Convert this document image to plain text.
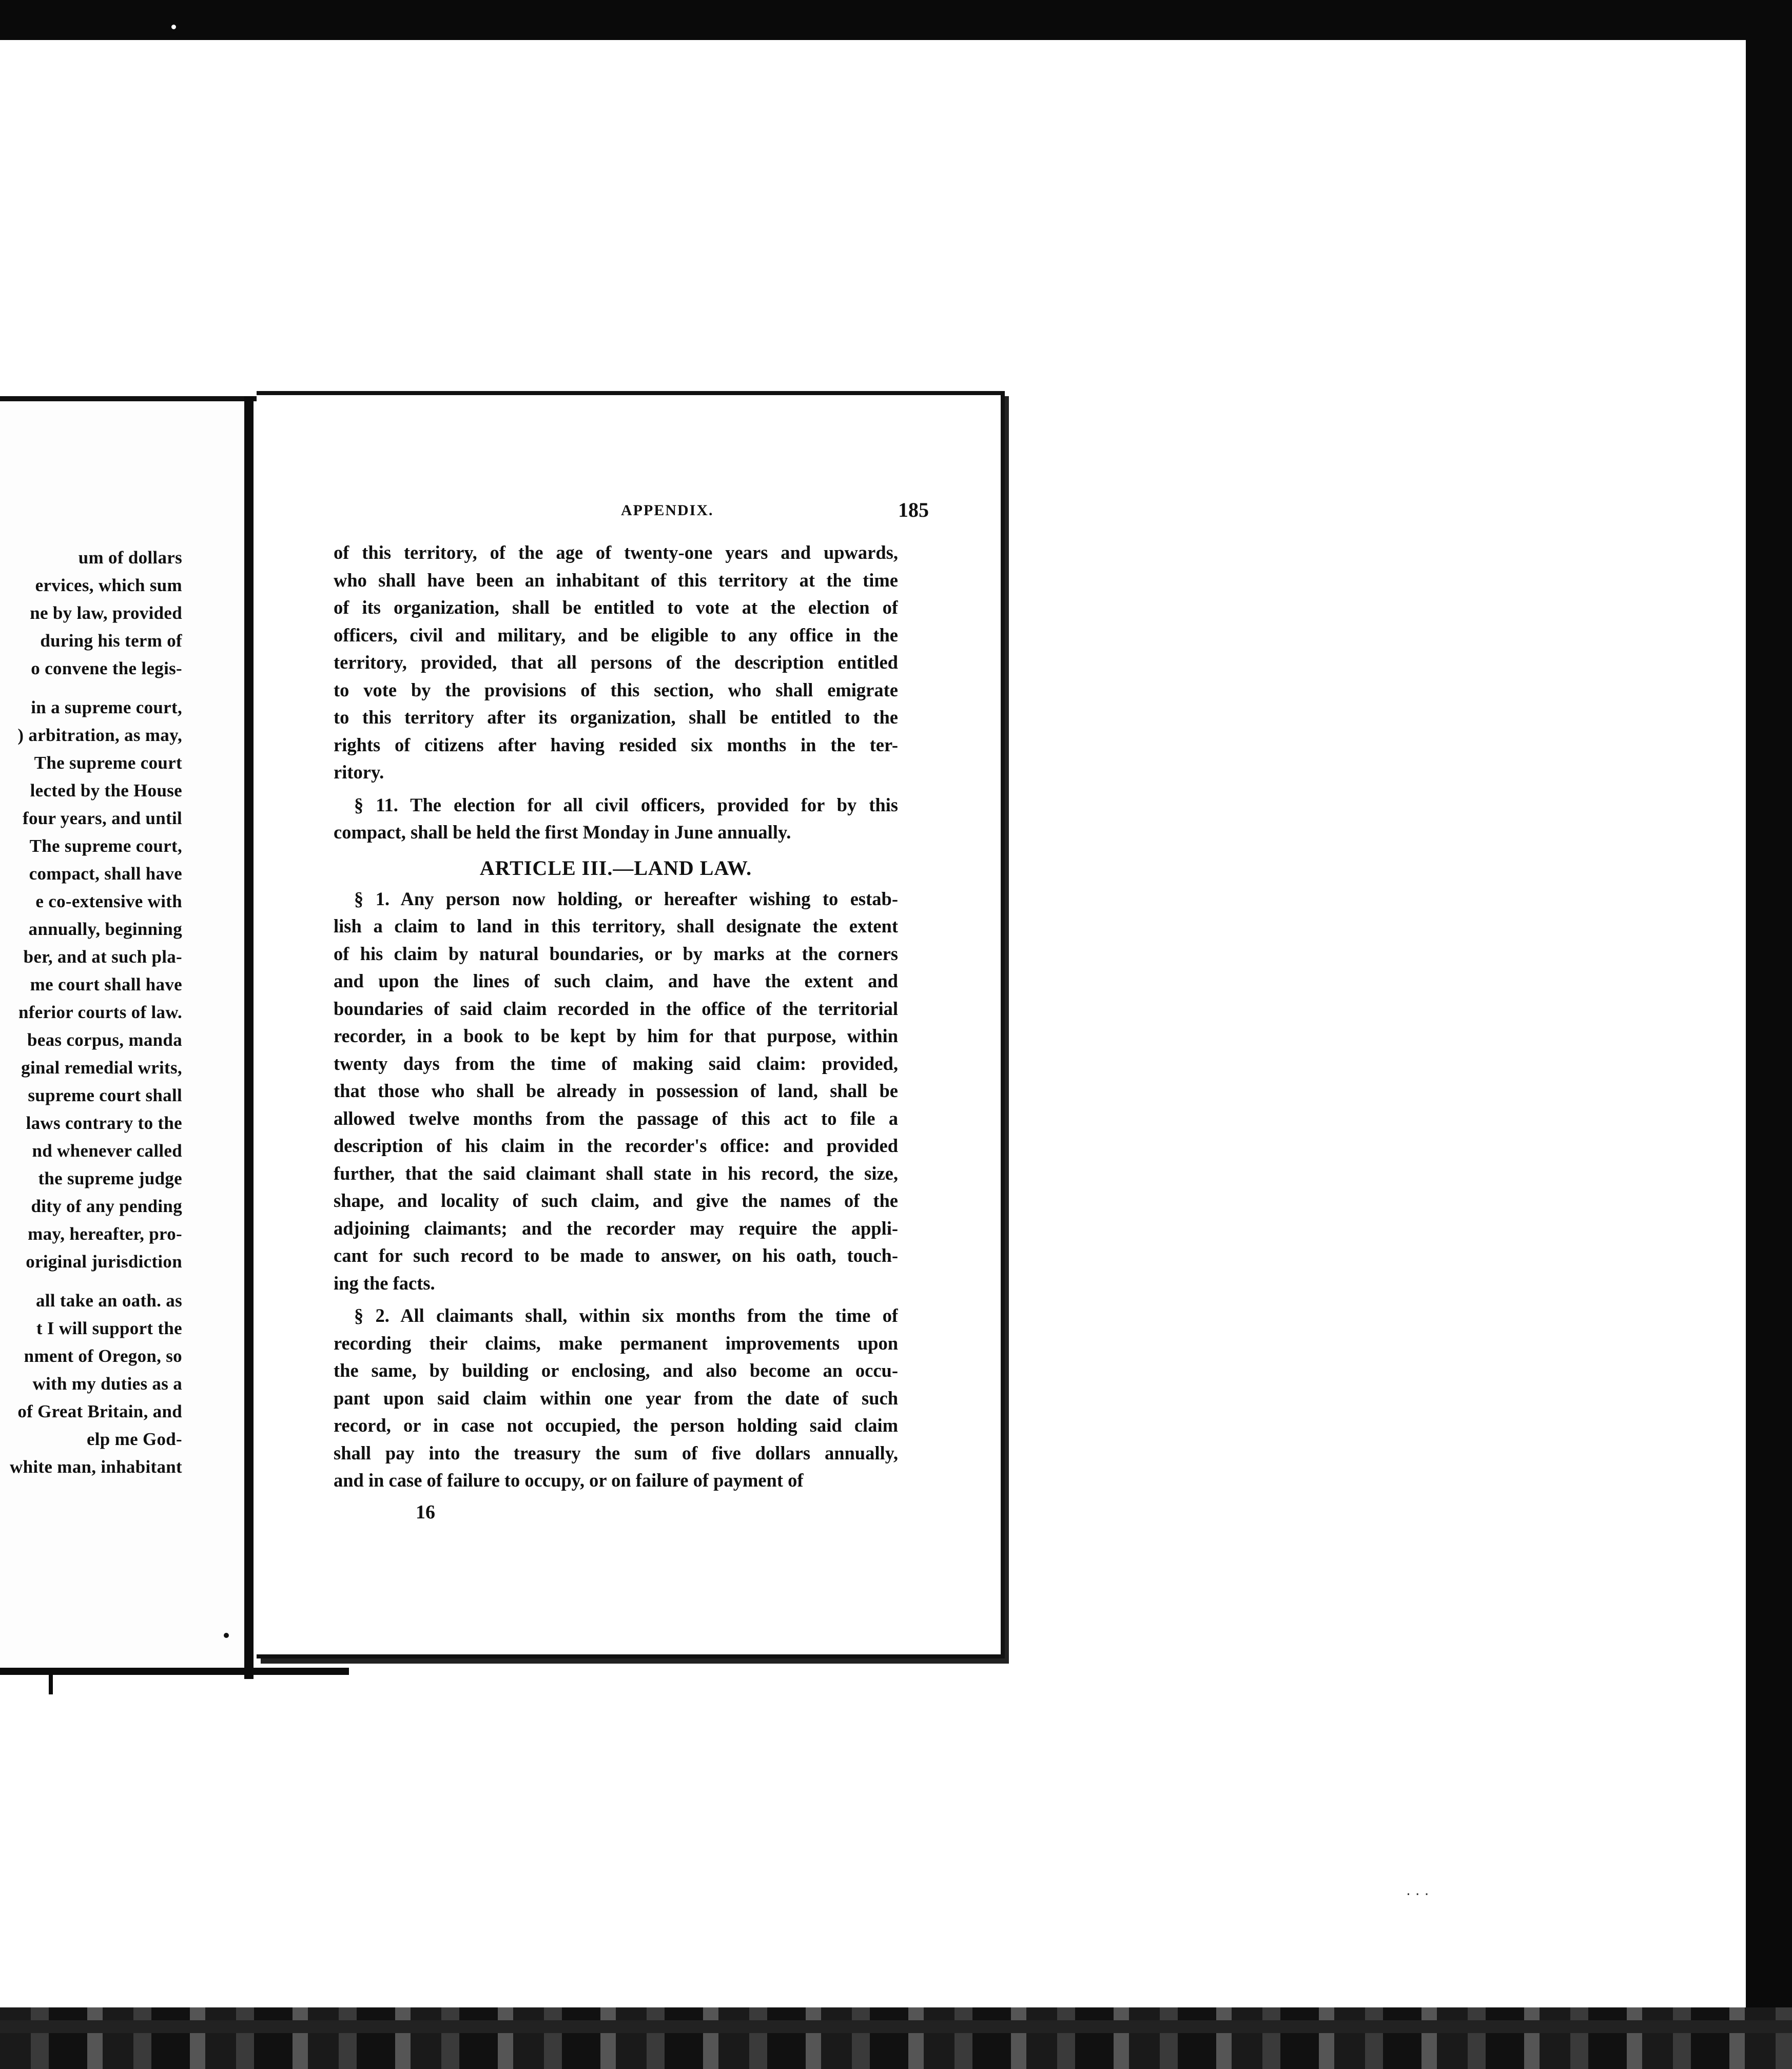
· · ·
um of dollars
ervices, which sum
ne by law, provided
during his term of
o convene the legis-
in a supreme court,
) arbitration, as may,
The supreme court
lected by the House
four years, and until
The supreme court,
compact, shall have
e co-extensive with
annually, beginning
ber, and at such pla-
me court shall have
nferior courts of law.
beas corpus, manda
ginal remedial writs,
supreme court shall
laws contrary to the
nd whenever called
the supreme judge
dity of any pending
may, hereafter, pro-
original jurisdiction
all take an oath. as
t I will support the
nment of Oregon, so
with my duties as a
of Great Britain, and
elp me God-
white man, inhabitant
APPENDIX.	185
of this territory, of the age of twenty-one years and upwards,
who shall have been an inhabitant of this territory at the time
of its organization, shall be entitled to vote at the election of
officers, civil and military, and be eligible to any office in the
territory, provided, that all persons of the description entitled
to vote by the provisions of this section, who shall emigrate
to this territory after its organization, shall be entitled to the
rights of citizens after having resided six months in the ter-
ritory.
§ 11. The election for all civil officers, provided for by this
compact, shall be held the first Monday in June annually.
ARTICLE III.—LAND LAW.
§ 1. Any person now holding, or hereafter wishing to estab-
lish a claim to land in this territory, shall designate the extent
of his claim by natural boundaries, or by marks at the corners
and upon the lines of such claim, and have the extent and
boundaries of said claim recorded in the office of the territorial
recorder, in a book to be kept by him for that purpose, within
twenty days from the time of making said claim: provided,
that those who shall be already in possession of land, shall be
allowed twelve months from the passage of this act to file a
description of his claim in the recorder's office: and provided
further, that the said claimant shall state in his record, the size,
shape, and locality of such claim, and give the names of the
adjoining claimants; and the recorder may require the appli-
cant for such record to be made to answer, on his oath, touch-
ing the facts.
§ 2. All claimants shall, within six months from the time of
recording their claims, make permanent improvements upon
the same, by building or enclosing, and also become an occu-
pant upon said claim within one year from the date of such
record, or in case not occupied, the person holding said claim
shall pay into the treasury the sum of five dollars annually,
and in case of failure to occupy, or on failure of payment of
16
